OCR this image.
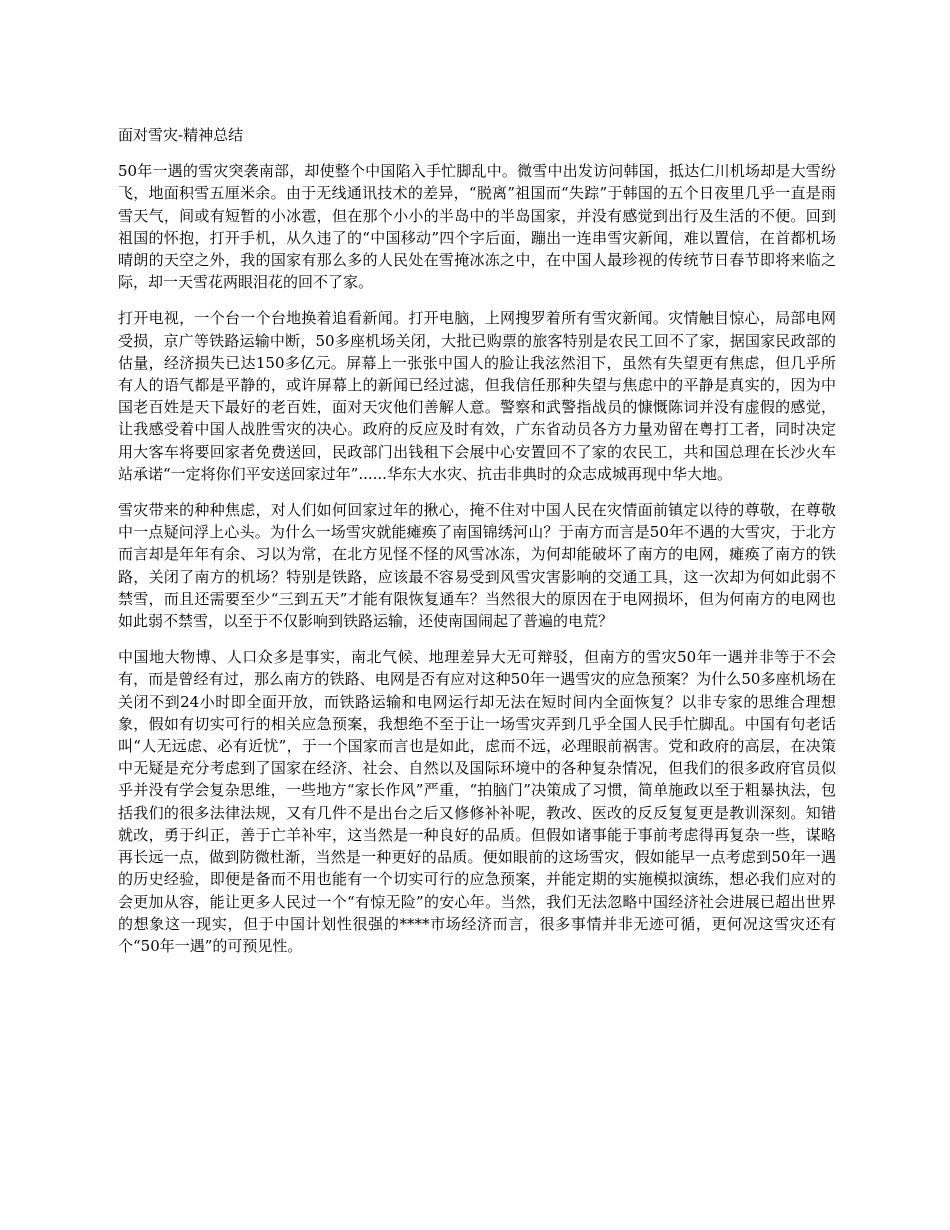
面对雪灾-精神总结

50年一遇的雪灾突袭南部，却使整个中国陷入手忙脚乱中。微雪中出发访问韩国，抵达仁川机场却是大雪纷飞，地面积雪五厘米余。由于无线通讯技术的差异，“脱离”祖国而“失踪”于韩国的五个日夜里几乎一直是雨雪天气，间或有短暂的小冰雹，但在那个小小的半岛中的半岛国家，并没有感觉到出行及生活的不便。回到祖国的怀抱，打开手机，从久违了的“中国移动”四个字后面，蹦出一连串雪灾新闻，难以置信，在首都机场晴朗的天空之外，我的国家有那么多的人民处在雪掩冰冻之中，在中国人最珍视的传统节日春节即将来临之际，却一天雪花两眼泪花的回不了家。

打开电视，一个台一个台地换着追看新闻。打开电脑，上网搜罗着所有雪灾新闻。灾情触目惊心，局部电网受损，京广等铁路运输中断，50多座机场关闭，大批已购票的旅客特别是农民工回不了家，据国家民政部的估量，经济损失已达150多亿元。屏幕上一张张中国人的脸让我泫然泪下，虽然有失望更有焦虑，但几乎所有人的语气都是平静的，或许屏幕上的新闻已经过滤，但我信任那种失望与焦虑中的平静是真实的，因为中国老百姓是天下最好的老百姓，面对天灾他们善解人意。警察和武警指战员的慷慨陈词并没有虚假的感觉，让我感受着中国人战胜雪灾的决心。政府的反应及时有效，广东省动员各方力量劝留在粤打工者，同时决定用大客车将要回家者免费送回，民政部门出钱租下会展中心安置回不了家的农民工，共和国总理在长沙火车站承诺“一定将你们平安送回家过年”......华东大水灾、抗击非典时的众志成城再现中华大地。

雪灾带来的种种焦虑，对人们如何回家过年的揪心，掩不住对中国人民在灾情面前镇定以待的尊敬，在尊敬中一点疑问浮上心头。为什么一场雪灾就能瘫痪了南国锦绣河山？于南方而言是50年不遇的大雪灾，于北方而言却是年年有余、习以为常，在北方见怪不怪的风雪冰冻，为何却能破坏了南方的电网，瘫痪了南方的铁路，关闭了南方的机场？特别是铁路，应该最不容易受到风雪灾害影响的交通工具，这一次却为何如此弱不禁雪，而且还需要至少“三到五天”才能有限恢复通车？当然很大的原因在于电网损坏，但为何南方的电网也如此弱不禁雪，以至于不仅影响到铁路运输，还使南国闹起了普遍的电荒？

中国地大物博、人口众多是事实，南北气候、地理差异大无可辩驳，但南方的雪灾50年一遇并非等于不会有，而是曾经有过，那么南方的铁路、电网是否有应对这种50年一遇雪灾的应急预案？为什么50多座机场在关闭不到24小时即全面开放，而铁路运输和电网运行却无法在短时间内全面恢复？以非专家的思维合理想象，假如有切实可行的相关应急预案，我想绝不至于让一场雪灾弄到几乎全国人民手忙脚乱。中国有句老话叫“人无远虑、必有近忧”，于一个国家而言也是如此，虑而不远，必理眼前祸害。党和政府的高层，在决策中无疑是充分考虑到了国家在经济、社会、自然以及国际环境中的各种复杂情况，但我们的很多政府官员似乎并没有学会复杂思维，一些地方“家长作风”严重，“拍脑门”决策成了习惯，简单施政以至于粗暴执法，包括我们的很多法律法规，又有几件不是出台之后又修修补补呢，教改、医改的反反复复更是教训深刻。知错就改，勇于纠正，善于亡羊补牢，这当然是一种良好的品质。但假如诸事能于事前考虑得再复杂一些，谋略再长远一点，做到防微杜渐，当然是一种更好的品质。便如眼前的这场雪灾，假如能早一点考虑到50年一遇的历史经验，即便是备而不用也能有一个切实可行的应急预案，并能定期的实施模拟演练，想必我们应对的会更加从容，能让更多人民过一个“有惊无险”的安心年。当然，我们无法忽略中国经济社会进展已超出世界的想象这一现实，但于中国计划性很强的****市场经济而言，很多事情并非无迹可循，更何况这雪灾还有个“50年一遇”的可预见性。
